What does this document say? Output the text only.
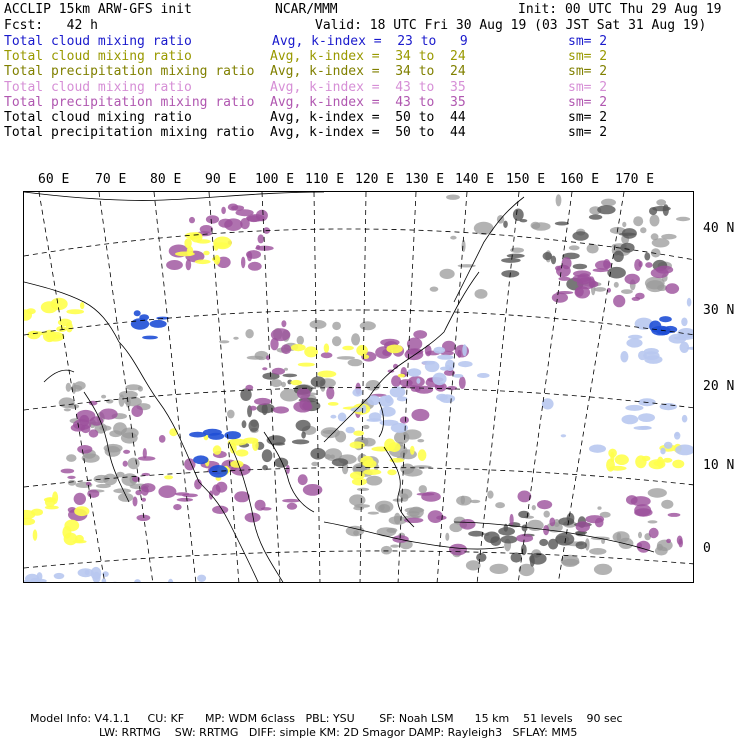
ACCLIP 15km ARW-GFS init	NCAR/MMM	Init: 00 UTC Thu 29 Aug 19
Fcst:   42 h	Valid: 18 UTC Fri 30 Aug 19 (03 JST Sat 31 Aug 19)
Total cloud mixing ratio	Avg, k-index =  23 to   9	sm= 2
Total cloud mixing ratio	Avg, k-index =  34 to  24	sm= 2
Total precipitation mixing ratio Avg, k-index =  34 to  24	sm= 2
Total cloud mixing ratio	Avg, k-index =  43 to  35	sm= 2
Total precipitation mixing ratio Avg, k-index =  43 to  35	sm= 2
Total cloud mixing ratio	Avg, k-index =  50 to  44	sm= 2
Total precipitation mixing ratio Avg, k-index =  50 to  44	sm= 2
60 E 70 E 80 E 90 E 100 E 110 E 120 E 130 E 140 E 150 E 160 E 170 E
40 N
30 N
20 N
10 N
0
Model Info: V4.1.1     CU: KF      MP: WDM 6class   PBL: YSU       SF: Noah LSM      15 km    51 levels    90 sec
LW: RRTMG    SW: RRTMG   DIFF: simple KM: 2D Smagor DAMP: Rayleigh3   SFLAY: MM5
